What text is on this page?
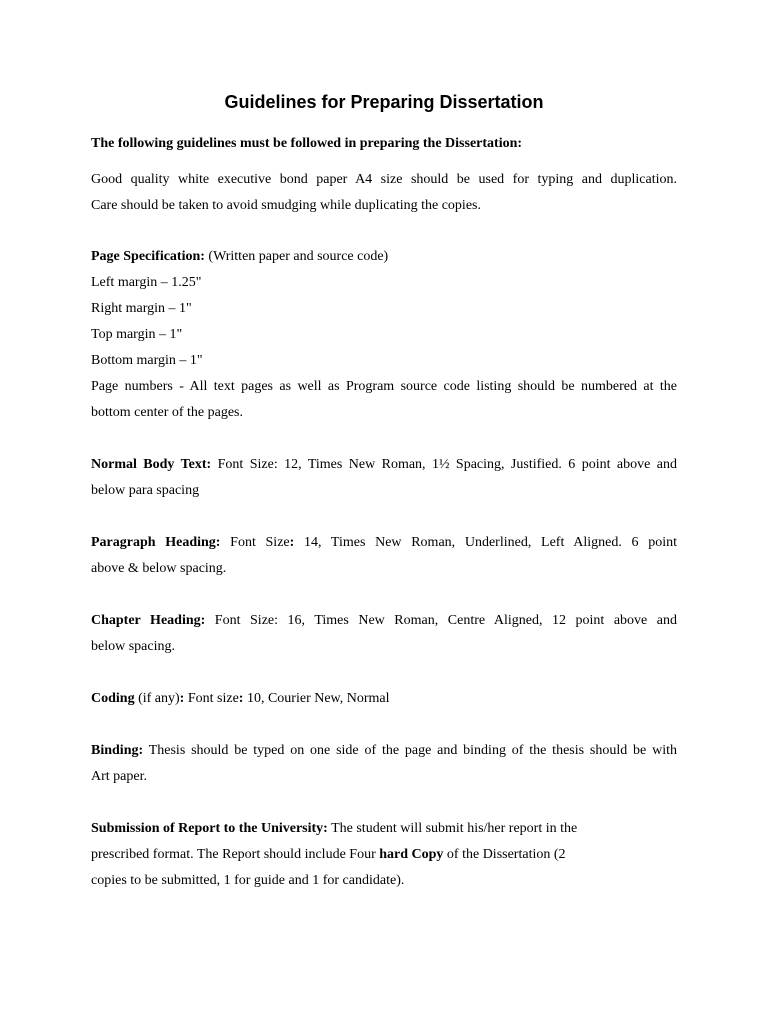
Guidelines for Preparing Dissertation
The following guidelines must be followed in preparing the Dissertation:
Good quality white executive bond paper A4 size should be used for typing and duplication.
Care should be taken to avoid smudging while duplicating the copies.
Page Specification: (Written paper and source code)
Left margin – 1.25"
Right margin – 1"
Top margin – 1"
Bottom margin – 1"
Page numbers - All text pages as well as Program source code listing should be numbered at the
bottom center of the pages.
Normal Body Text: Font Size: 12, Times New Roman, 1½ Spacing, Justified. 6 point above and
below para spacing
Paragraph Heading: Font Size: 14, Times New Roman, Underlined, Left Aligned. 6 point
above & below spacing.
Chapter Heading: Font Size: 16, Times New Roman, Centre Aligned, 12 point above and
below spacing.
Coding (if any): Font size: 10, Courier New, Normal
Binding: Thesis should be typed on one side of the page and binding of the thesis should be with
Art paper.
Submission of Report to the University: The student will submit his/her report in the
prescribed format. The Report should include Four hard Copy of the Dissertation (2
copies to be submitted, 1 for guide and 1 for candidate).
